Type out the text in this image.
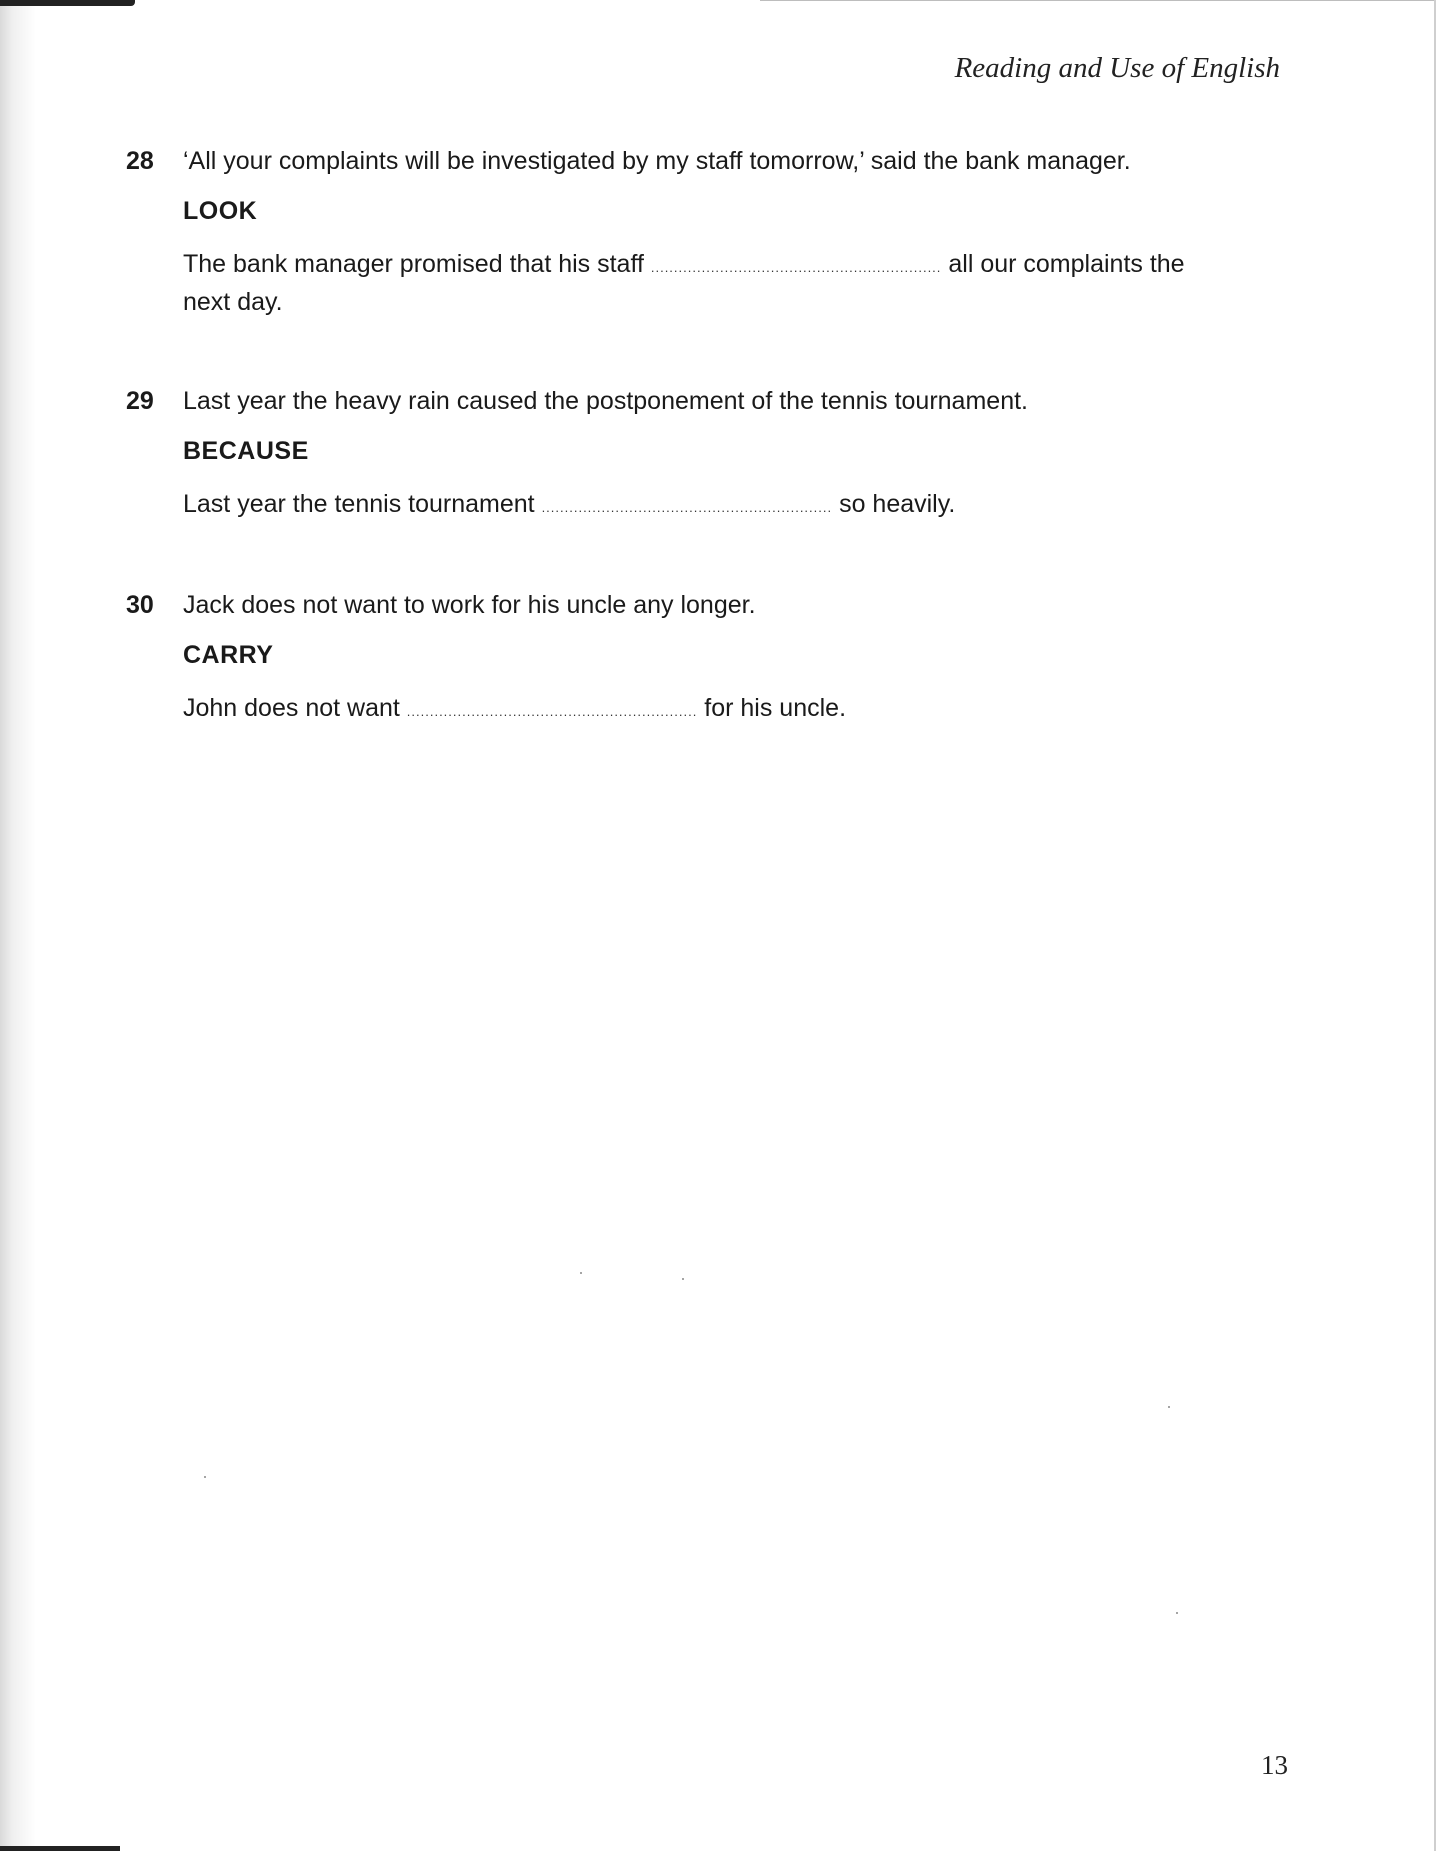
Reading and Use of English
28 ‘All your complaints will be investigated by my staff tomorrow,’ said the bank manager.
LOOK
The bank manager promised that his staff ............................................................... all our complaints the
next day.
29 Last year the heavy rain caused the postponement of the tennis tournament.
BECAUSE
Last year the tennis tournament ............................................................... so heavily.
30 Jack does not want to work for his uncle any longer.
CARRY
John does not want ............................................................... for his uncle.
13
